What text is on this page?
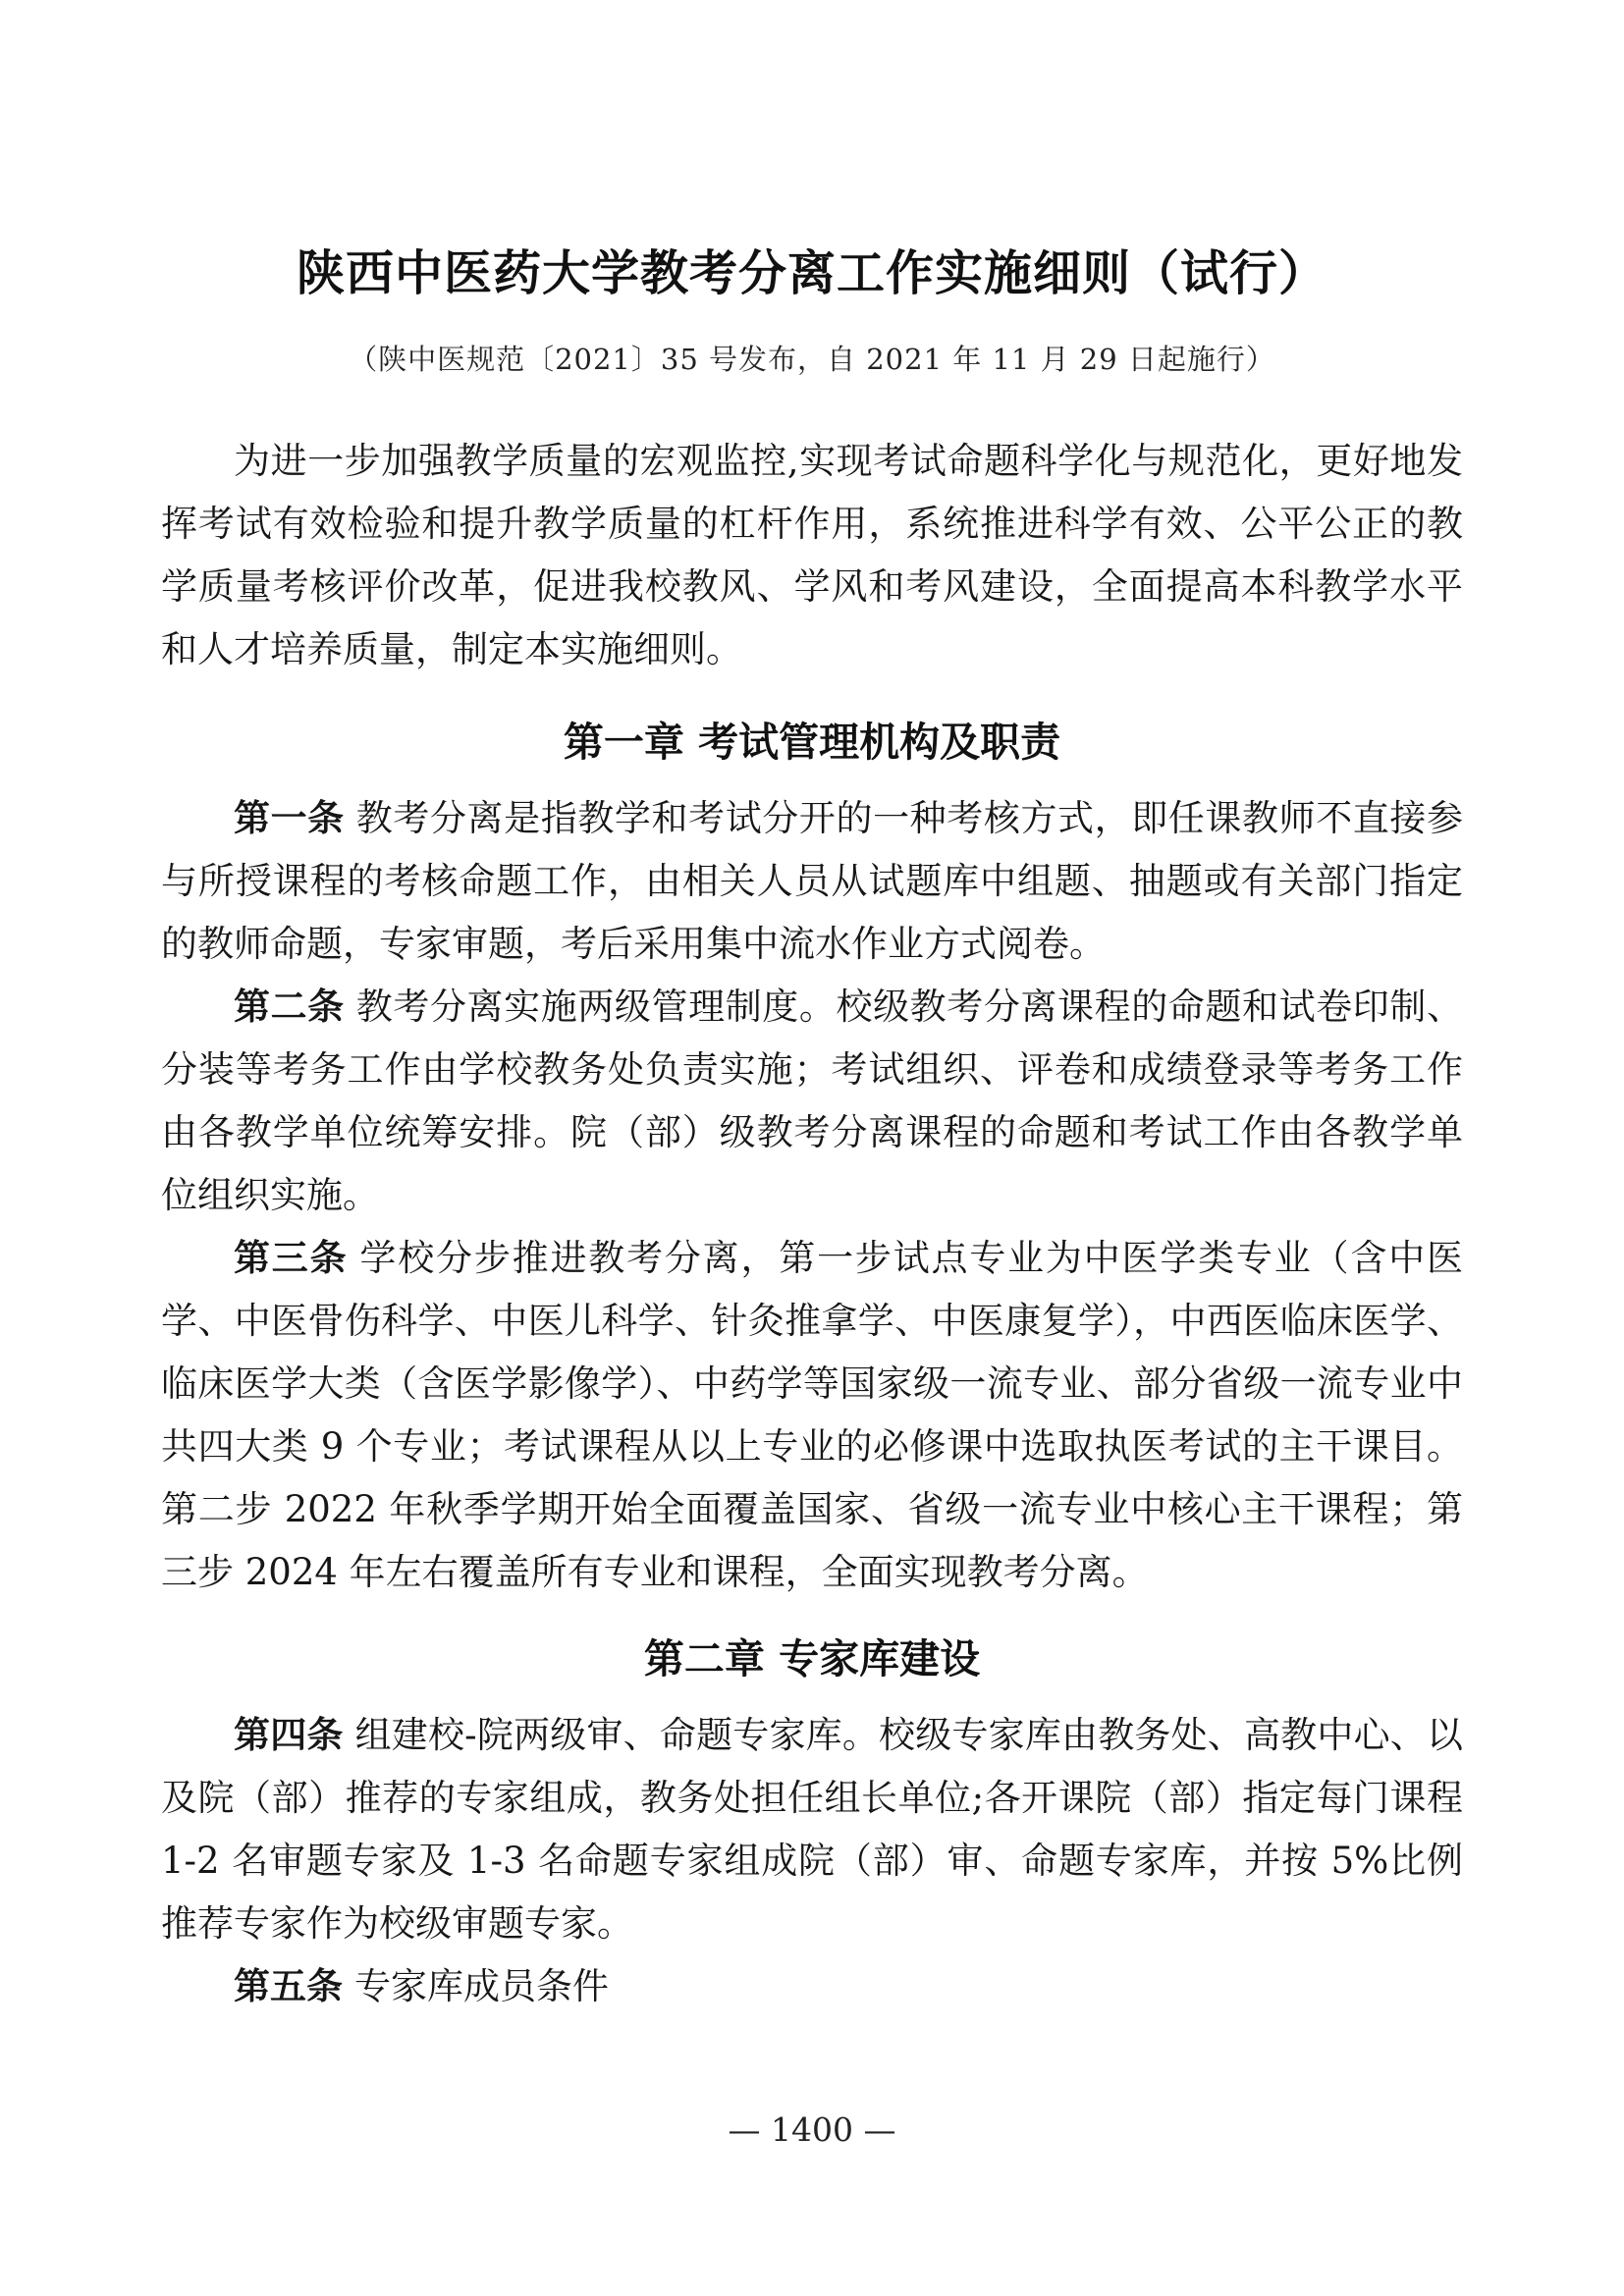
陕西中医药大学教考分离工作实施细则（试行）
（陕中医规范〔2021〕35 号发布，自 2021 年 11 月 29 日起施行）

为进一步加强教学质量的宏观监控,实现考试命题科学化与规范化，更好地发挥考试有效检验和提升教学质量的杠杆作用，系统推进科学有效、公平公正的教学质量考核评价改革，促进我校教风、学风和考风建设，全面提高本科教学水平和人才培养质量，制定本实施细则。

第一章 考试管理机构及职责

第一条 教考分离是指教学和考试分开的一种考核方式，即任课教师不直接参与所授课程的考核命题工作，由相关人员从试题库中组题、抽题或有关部门指定的教师命题，专家审题，考后采用集中流水作业方式阅卷。

第二条 教考分离实施两级管理制度。校级教考分离课程的命题和试卷印制、分装等考务工作由学校教务处负责实施；考试组织、评卷和成绩登录等考务工作由各教学单位统筹安排。院（部）级教考分离课程的命题和考试工作由各教学单位组织实施。

第三条 学校分步推进教考分离，第一步试点专业为中医学类专业（含中医学、中医骨伤科学、中医儿科学、针灸推拿学、中医康复学），中西医临床医学、临床医学大类（含医学影像学）、中药学等国家级一流专业、部分省级一流专业中共四大类 9 个专业；考试课程从以上专业的必修课中选取执医考试的主干课目。第二步 2022 年秋季学期开始全面覆盖国家、省级一流专业中核心主干课程；第三步 2024 年左右覆盖所有专业和课程，全面实现教考分离。

第二章 专家库建设

第四条 组建校-院两级审、命题专家库。校级专家库由教务处、高教中心、以及院（部）推荐的专家组成，教务处担任组长单位;各开课院（部）指定每门课程 1-2 名审题专家及 1-3 名命题专家组成院（部）审、命题专家库，并按 5%比例推荐专家作为校级审题专家。

第五条 专家库成员条件

— 1400 —
